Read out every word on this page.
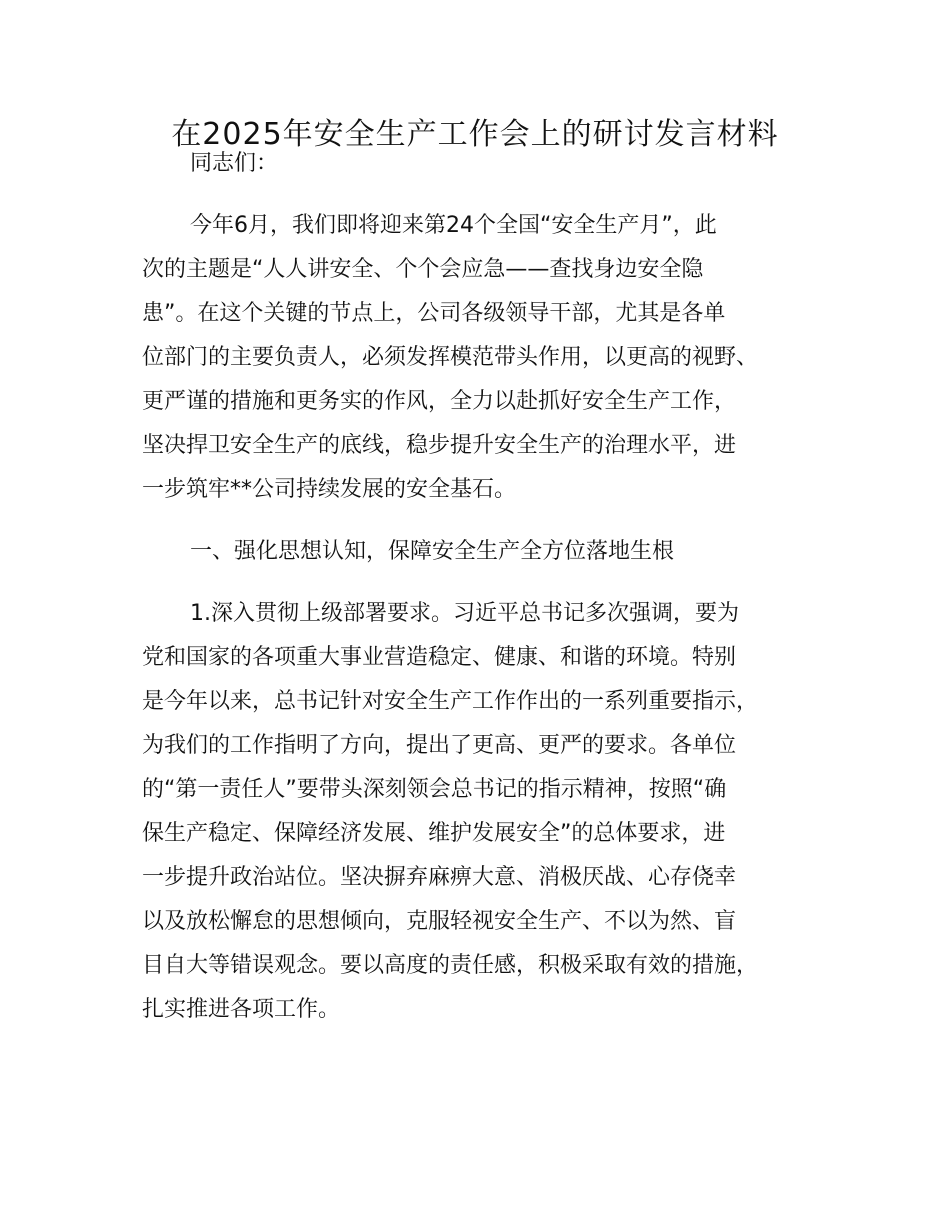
在2025年安全生产工作会上的研讨发言材料

同志们：

今年6月，我们即将迎来第24个全国“安全生产月”，此
次的主题是“人人讲安全、个个会应急——查找身边安全隐
患”。在这个关键的节点上，公司各级领导干部，尤其是各单
位部门的主要负责人，必须发挥模范带头作用，以更高的视野、
更严谨的措施和更务实的作风，全力以赴抓好安全生产工作，
坚决捍卫安全生产的底线，稳步提升安全生产的治理水平，进
一步筑牢**公司持续发展的安全基石。

一、强化思想认知，保障安全生产全方位落地生根

1.深入贯彻上级部署要求。习近平总书记多次强调，要为
党和国家的各项重大事业营造稳定、健康、和谐的环境。特别
是今年以来，总书记针对安全生产工作作出的一系列重要指示，
为我们的工作指明了方向，提出了更高、更严的要求。各单位
的“第一责任人”要带头深刻领会总书记的指示精神，按照“确
保生产稳定、保障经济发展、维护发展安全”的总体要求，进
一步提升政治站位。坚决摒弃麻痹大意、消极厌战、心存侥幸
以及放松懈怠的思想倾向，克服轻视安全生产、不以为然、盲
目自大等错误观念。要以高度的责任感，积极采取有效的措施，
扎实推进各项工作。
